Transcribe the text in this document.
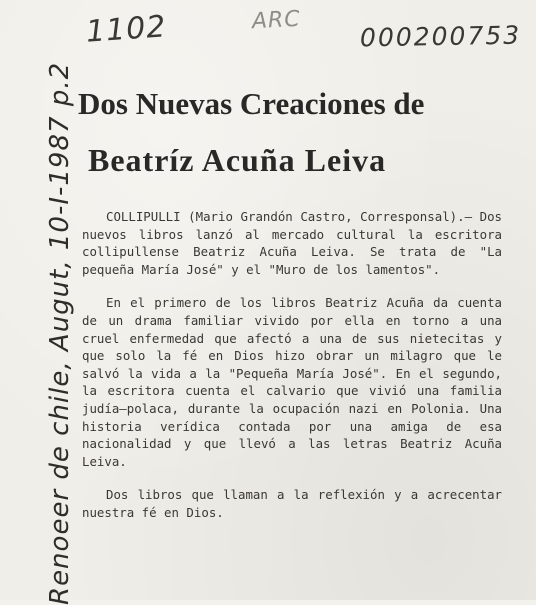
1102	ARC
000200753
Renoeer de chile, Augut, 10-I-1987 p.2 Dos Nuevas Creaciones de
Beatríz Acuña Leiva

COLLIPULLI (Mario Grandón Castro, Corresponsal).— Dos nuevos libros lanzó al mercado cultural la escritora collipullense Beatriz Acuña Leiva. Se trata de "La pequeña María José" y el "Muro de los lamentos".

En el primero de los libros Beatriz Acuña da cuenta de un drama familiar vivido por ella en torno a una cruel enfermedad que afectó a una de sus nietecitas y que solo la fé en Dios hizo obrar un milagro que le salvó la vida a la "Pequeña María José". En el segundo, la escritora cuenta el calvario que vivió una familia judía—polaca, durante la ocupación nazi en Polonia. Una historia verídica contada por una amiga de esa nacionalidad y que llevó a las letras Beatriz Acuña Leiva.

Dos libros que llaman a la reflexión y a acrecentar nuestra fé en Dios.
